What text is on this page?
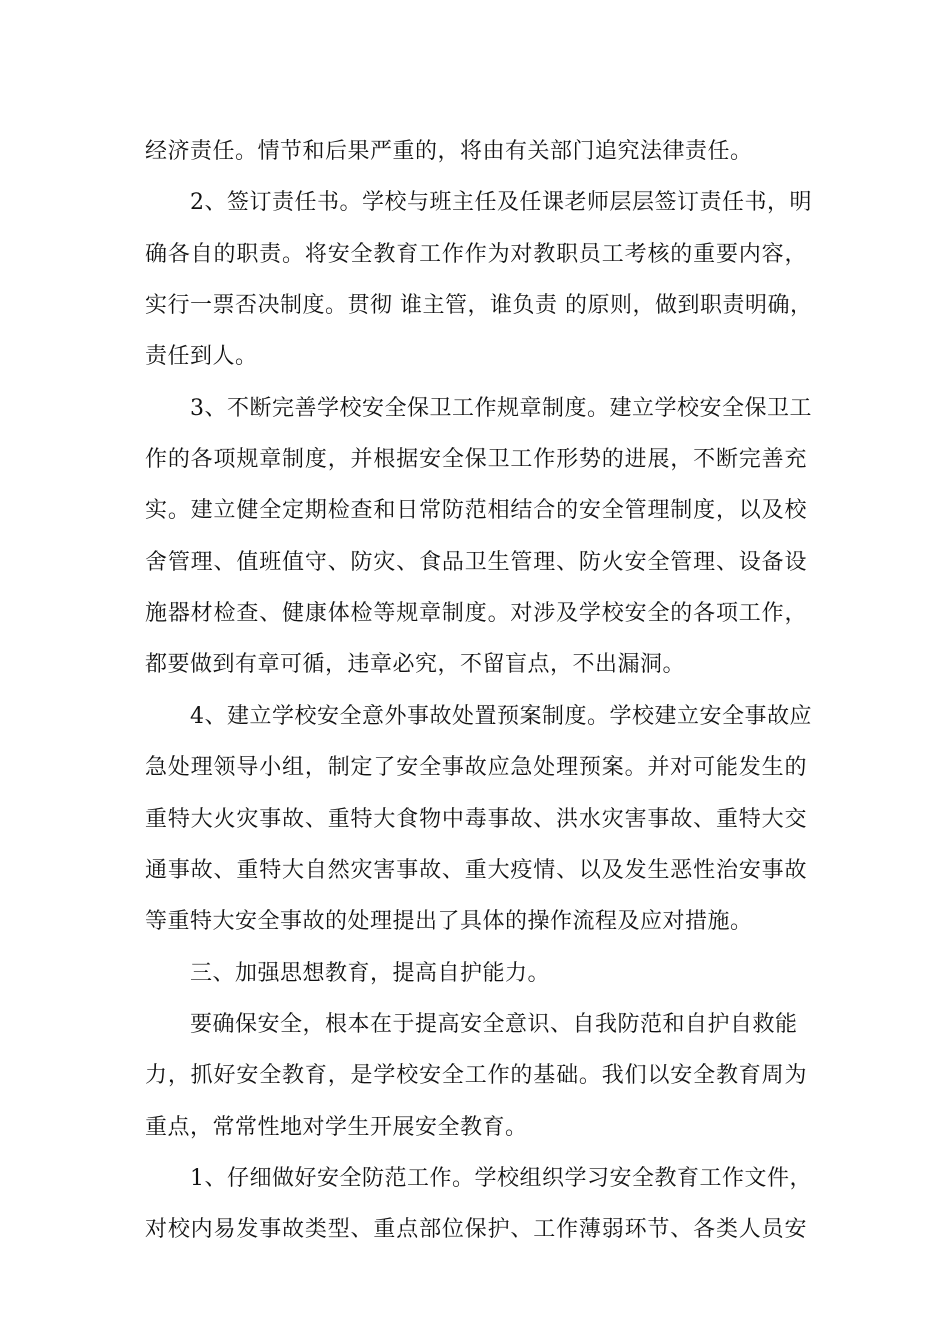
经济责任。情节和后果严重的，将由有关部门追究法律责任。
2、签订责任书。学校与班主任及任课老师层层签订责任书，明
确各自的职责。将安全教育工作作为对教职员工考核的重要内容，
实行一票否决制度。贯彻 谁主管，谁负责 的原则，做到职责明确，
责任到人。
3、不断完善学校安全保卫工作规章制度。建立学校安全保卫工
作的各项规章制度，并根据安全保卫工作形势的进展，不断完善充
实。建立健全定期检查和日常防范相结合的安全管理制度，以及校
舍管理、值班值守、防灾、食品卫生管理、防火安全管理、设备设
施器材检查、健康体检等规章制度。对涉及学校安全的各项工作，
都要做到有章可循，违章必究，不留盲点，不出漏洞。
4、建立学校安全意外事故处置预案制度。学校建立安全事故应
急处理领导小组，制定了安全事故应急处理预案。并对可能发生的
重特大火灾事故、重特大食物中毒事故、洪水灾害事故、重特大交
通事故、重特大自然灾害事故、重大疫情、以及发生恶性治安事故
等重特大安全事故的处理提出了具体的操作流程及应对措施。
三、加强思想教育，提高自护能力。
要确保安全，根本在于提高安全意识、自我防范和自护自救能
力，抓好安全教育，是学校安全工作的基础。我们以安全教育周为
重点，常常性地对学生开展安全教育。
1、仔细做好安全防范工作。学校组织学习安全教育工作文件，
对校内易发事故类型、重点部位保护、工作薄弱环节、各类人员安
